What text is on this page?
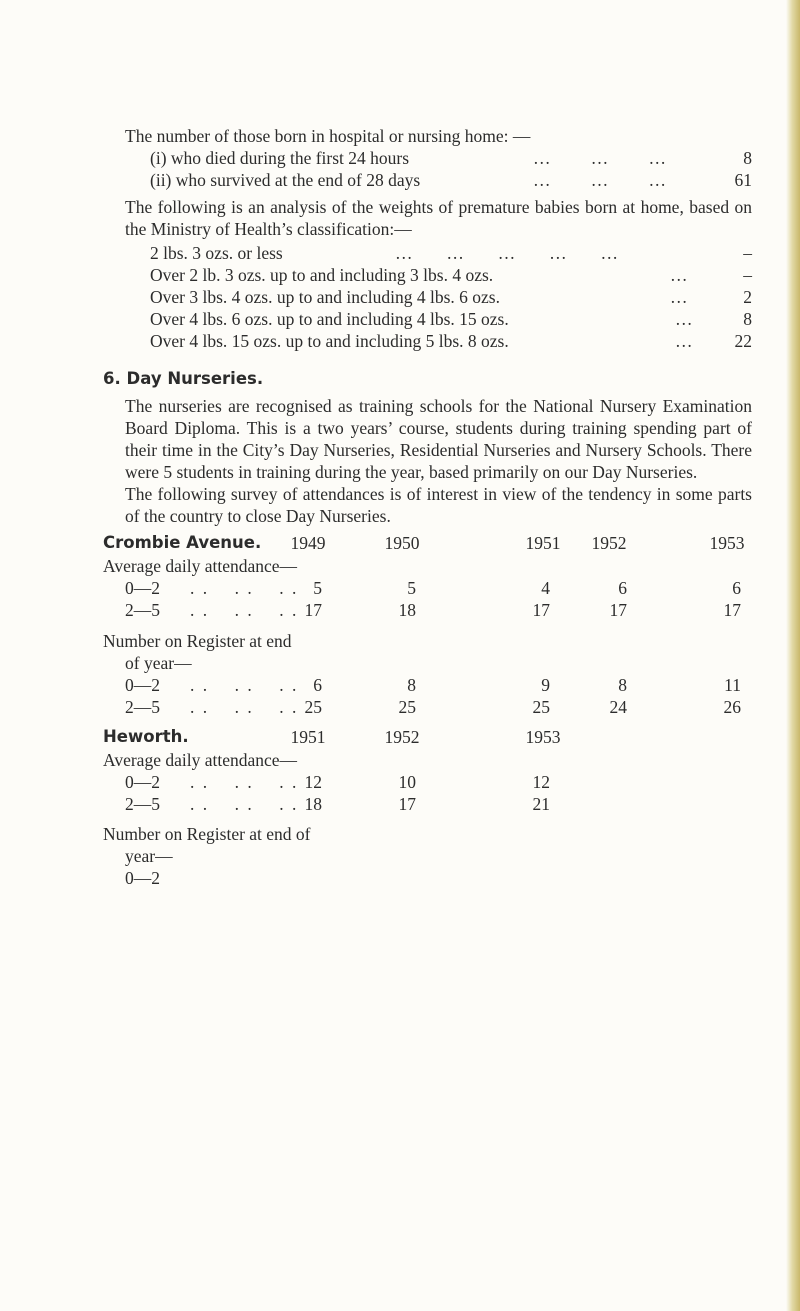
The number of those born in hospital or nursing home: —
(i) who died during the first 24 hours	…      …      …	8
(ii) who survived at the end of 28 days	…      …      …	61
The following is an analysis of the weights of premature babies born at home, based on the Ministry of Health’s classification:—
2 lbs. 3 ozs. or less	…     …     …     …     …	–
Over 2 lb. 3 ozs. up to and including 3 lbs. 4 ozs.	…	–
Over 3 lbs. 4 ozs. up to and including 4 lbs. 6 ozs.	…	2
Over 4 lbs. 6 ozs. up to and including 4 lbs. 15 ozs.	…	8
Over 4 lbs. 15 ozs. up to and including 5 lbs. 8 ozs.	…	22
6. Day Nurseries.
The nurseries are recognised as training schools for the National Nursery Examination Board Diploma. This is a two years’ course, students during training spending part of their time in the City’s Day Nurseries, Residential Nurseries and Nursery Schools. There were 5 students in training during the year, based primarily on our Day Nurseries.
The following survey of attendances is of interest in view of the tendency in some parts of the country to close Day Nurseries.
Crombie Avenue.	1949	1950	1951	1952	1953
Average daily attendance—
0—2 . .    . .    . . 5	5	4	6	6
2—5 . .    . .    . . 17	18	17	17	17
Number on Register at end
of year—
0—2 . .    . .    . . 6	8	9	8	11
2—5 . .    . .    . . 25	25	25	24	26
Heworth.	1951	1952	1953
Average daily attendance—
0—2 . .    . .    . . 12	10	12
2—5 . .    . .    . . 18	17	21
Number on Register at end of
year—
0—2
